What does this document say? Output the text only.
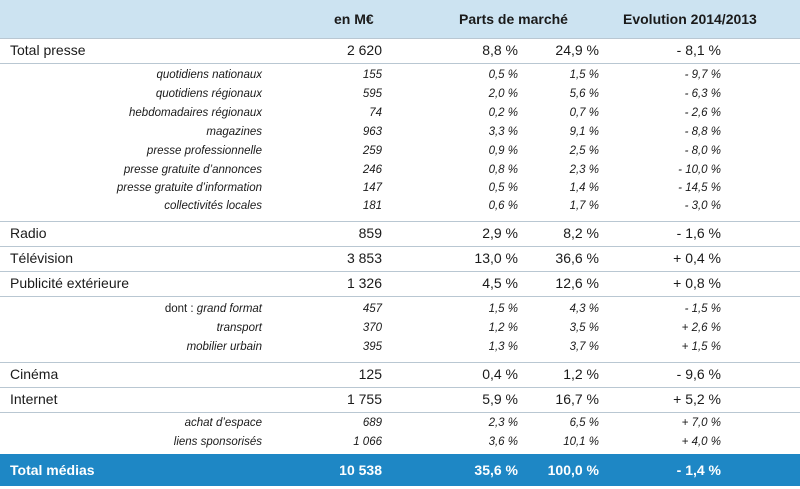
en M€	Parts de marché	Evolution 2014/2013
Total presse	2 620	8,8 %	24,9 %	- 8,1 %
quotidiens nationaux	155	0,5 %	1,5 %	- 9,7 %
quotidiens régionaux	595	2,0 %	5,6 %	- 6,3 %
hebdomadaires régionaux	74	0,2 %	0,7 %	- 2,6 %
magazines	963	3,3 %	9,1 %	- 8,8 %
presse professionnelle	259	0,9 %	2,5 %	- 8,0 %
presse gratuite d’annonces	246	0,8 %	2,3 %	- 10,0 %
presse gratuite d’information	147	0,5 %	1,4 %	- 14,5 %
collectivités locales	181	0,6 %	1,7 %	- 3,0 %
Radio	859	2,9 %	8,2 %	- 1,6 %
Télévision	3 853	13,0 %	36,6 %	+ 0,4 %
Publicité extérieure	1 326	4,5 %	12,6 %	+ 0,8 %
dont : grand format	457	1,5 %	4,3 %	- 1,5 %
transport	370	1,2 %	3,5 %	+ 2,6 %
mobilier urbain	395	1,3 %	3,7 %	+ 1,5 %
Cinéma	125	0,4 %	1,2 %	- 9,6 %
Internet	1 755	5,9 %	16,7 %	+ 5,2 %
achat d’espace	689	2,3 %	6,5 %	+ 7,0 %
liens sponsorisés	1 066	3,6 %	10,1 %	+ 4,0 %
Total médias	10 538	35,6 % 100,0 %	- 1,4 %
